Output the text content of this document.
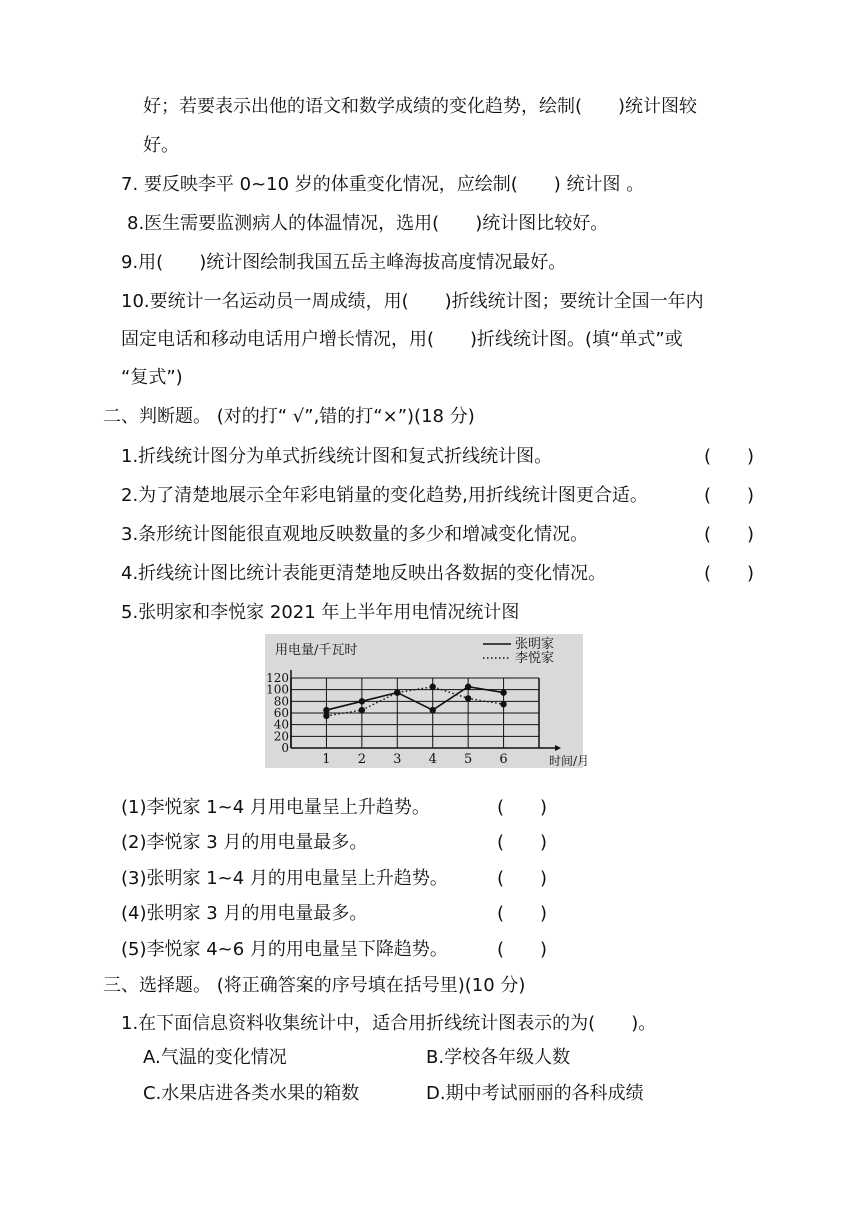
好；若要表示出他的语文和数学成绩的变化趋势，绘制(　　)统计图较
好。
7. 要反映李平 0~10 岁的体重变化情况，应绘制(　　) 统计图 。
8.医生需要监测病人的体温情况，选用(　　)统计图比较好。
9.用(　　)统计图绘制我国五岳主峰海拔高度情况最好。
10.要统计一名运动员一周成绩，用(　　)折线统计图；要统计全国一年内
固定电话和移动电话用户增长情况，用(　　)折线统计图。(填“单式”或
“复式”)
二、判断题。 (对的打“ √”,错的打“×”)(18 分)
1.折线统计图分为单式折线统计图和复式折线统计图。	(　　)
2.为了清楚地展示全年彩电销量的变化趋势,用折线统计图更合适。	(　　)
3.条形统计图能很直观地反映数量的多少和增减变化情况。	(　　)
4.折线统计图比统计表能更清楚地反映出各数据的变化情况。	(　　)
5.张明家和李悦家 2021 年上半年用电情况统计图
0
20
40
60
80
100
120
1 2 3 4 5 6
用电量/千瓦时
时间/月
张明家
李悦家
(1)李悦家 1~4 月用电量呈上升趋势。	(　　)
(2)李悦家 3 月的用电量最多。	(　　)
(3)张明家 1~4 月的用电量呈上升趋势。	(　　)
(4)张明家 3 月的用电量最多。	(　　)
(5)李悦家 4~6 月的用电量呈下降趋势。	(　　)
三、选择题。 (将正确答案的序号填在括号里)(10 分)
1.在下面信息资料收集统计中，适合用折线统计图表示的为(　　)。
A.气温的变化情况	B.学校各年级人数
C.水果店进各类水果的箱数	D.期中考试丽丽的各科成绩
